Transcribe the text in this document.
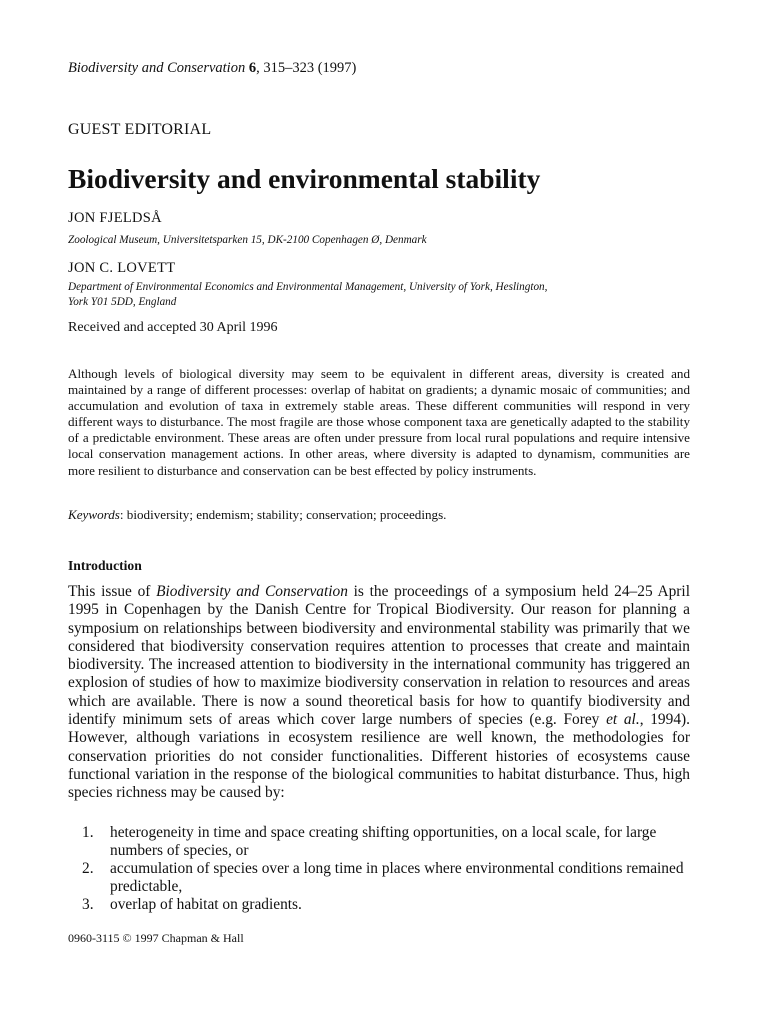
Biodiversity and Conservation 6, 315–323 (1997)
GUEST EDITORIAL
Biodiversity and environmental stability
JON FJELDSÅ
Zoological Museum, Universitetsparken 15, DK-2100 Copenhagen Ø, Denmark
JON C. LOVETT
Department of Environmental Economics and Environmental Management, University of York, Heslington,
York Y01 5DD, England
Received and accepted 30 April 1996

Although levels of biological diversity may seem to be equivalent in different areas, diversity is created and maintained by a range of different processes: overlap of habitat on gradients; a dynamic mosaic of communities; and accumulation and evolution of taxa in extremely stable areas. These different communities will respond in very different ways to disturbance. The most fragile are those whose component taxa are genetically adapted to the stability of a predictable environment. These areas are often under pressure from local rural populations and require intensive local conservation management actions. In other areas, where diversity is adapted to dynamism, communities are more resilient to disturbance and conservation can be best effected by policy instruments.

Keywords: biodiversity; endemism; stability; conservation; proceedings.
Introduction

This issue of Biodiversity and Conservation is the proceedings of a symposium held 24–25 April 1995 in Copenhagen by the Danish Centre for Tropical Biodiversity. Our reason for planning a symposium on relationships between biodiversity and environmental stability was primarily that we considered that biodiversity conservation requires attention to processes that create and maintain biodiversity. The increased attention to biodiversity in the international community has triggered an explosion of studies of how to maximize biodiversity conservation in relation to resources and areas which are available. There is now a sound theoretical basis for how to quantify biodiversity and identify minimum sets of areas which cover large numbers of species (e.g. Forey et al., 1994). However, although variations in ecosystem resilience are well known, the methodologies for conservation priorities do not consider functionalities. Different histories of ecosystems cause functional variation in the response of the biological communities to habitat disturbance. Thus, high species richness may be caused by:

1. heterogeneity in time and space creating shifting opportunities, on a local scale, for large numbers of species, or
2. accumulation of species over a long time in places where environmental conditions remained predictable,
3. overlap of habitat on gradients.
0960-3115 © 1997 Chapman & Hall
